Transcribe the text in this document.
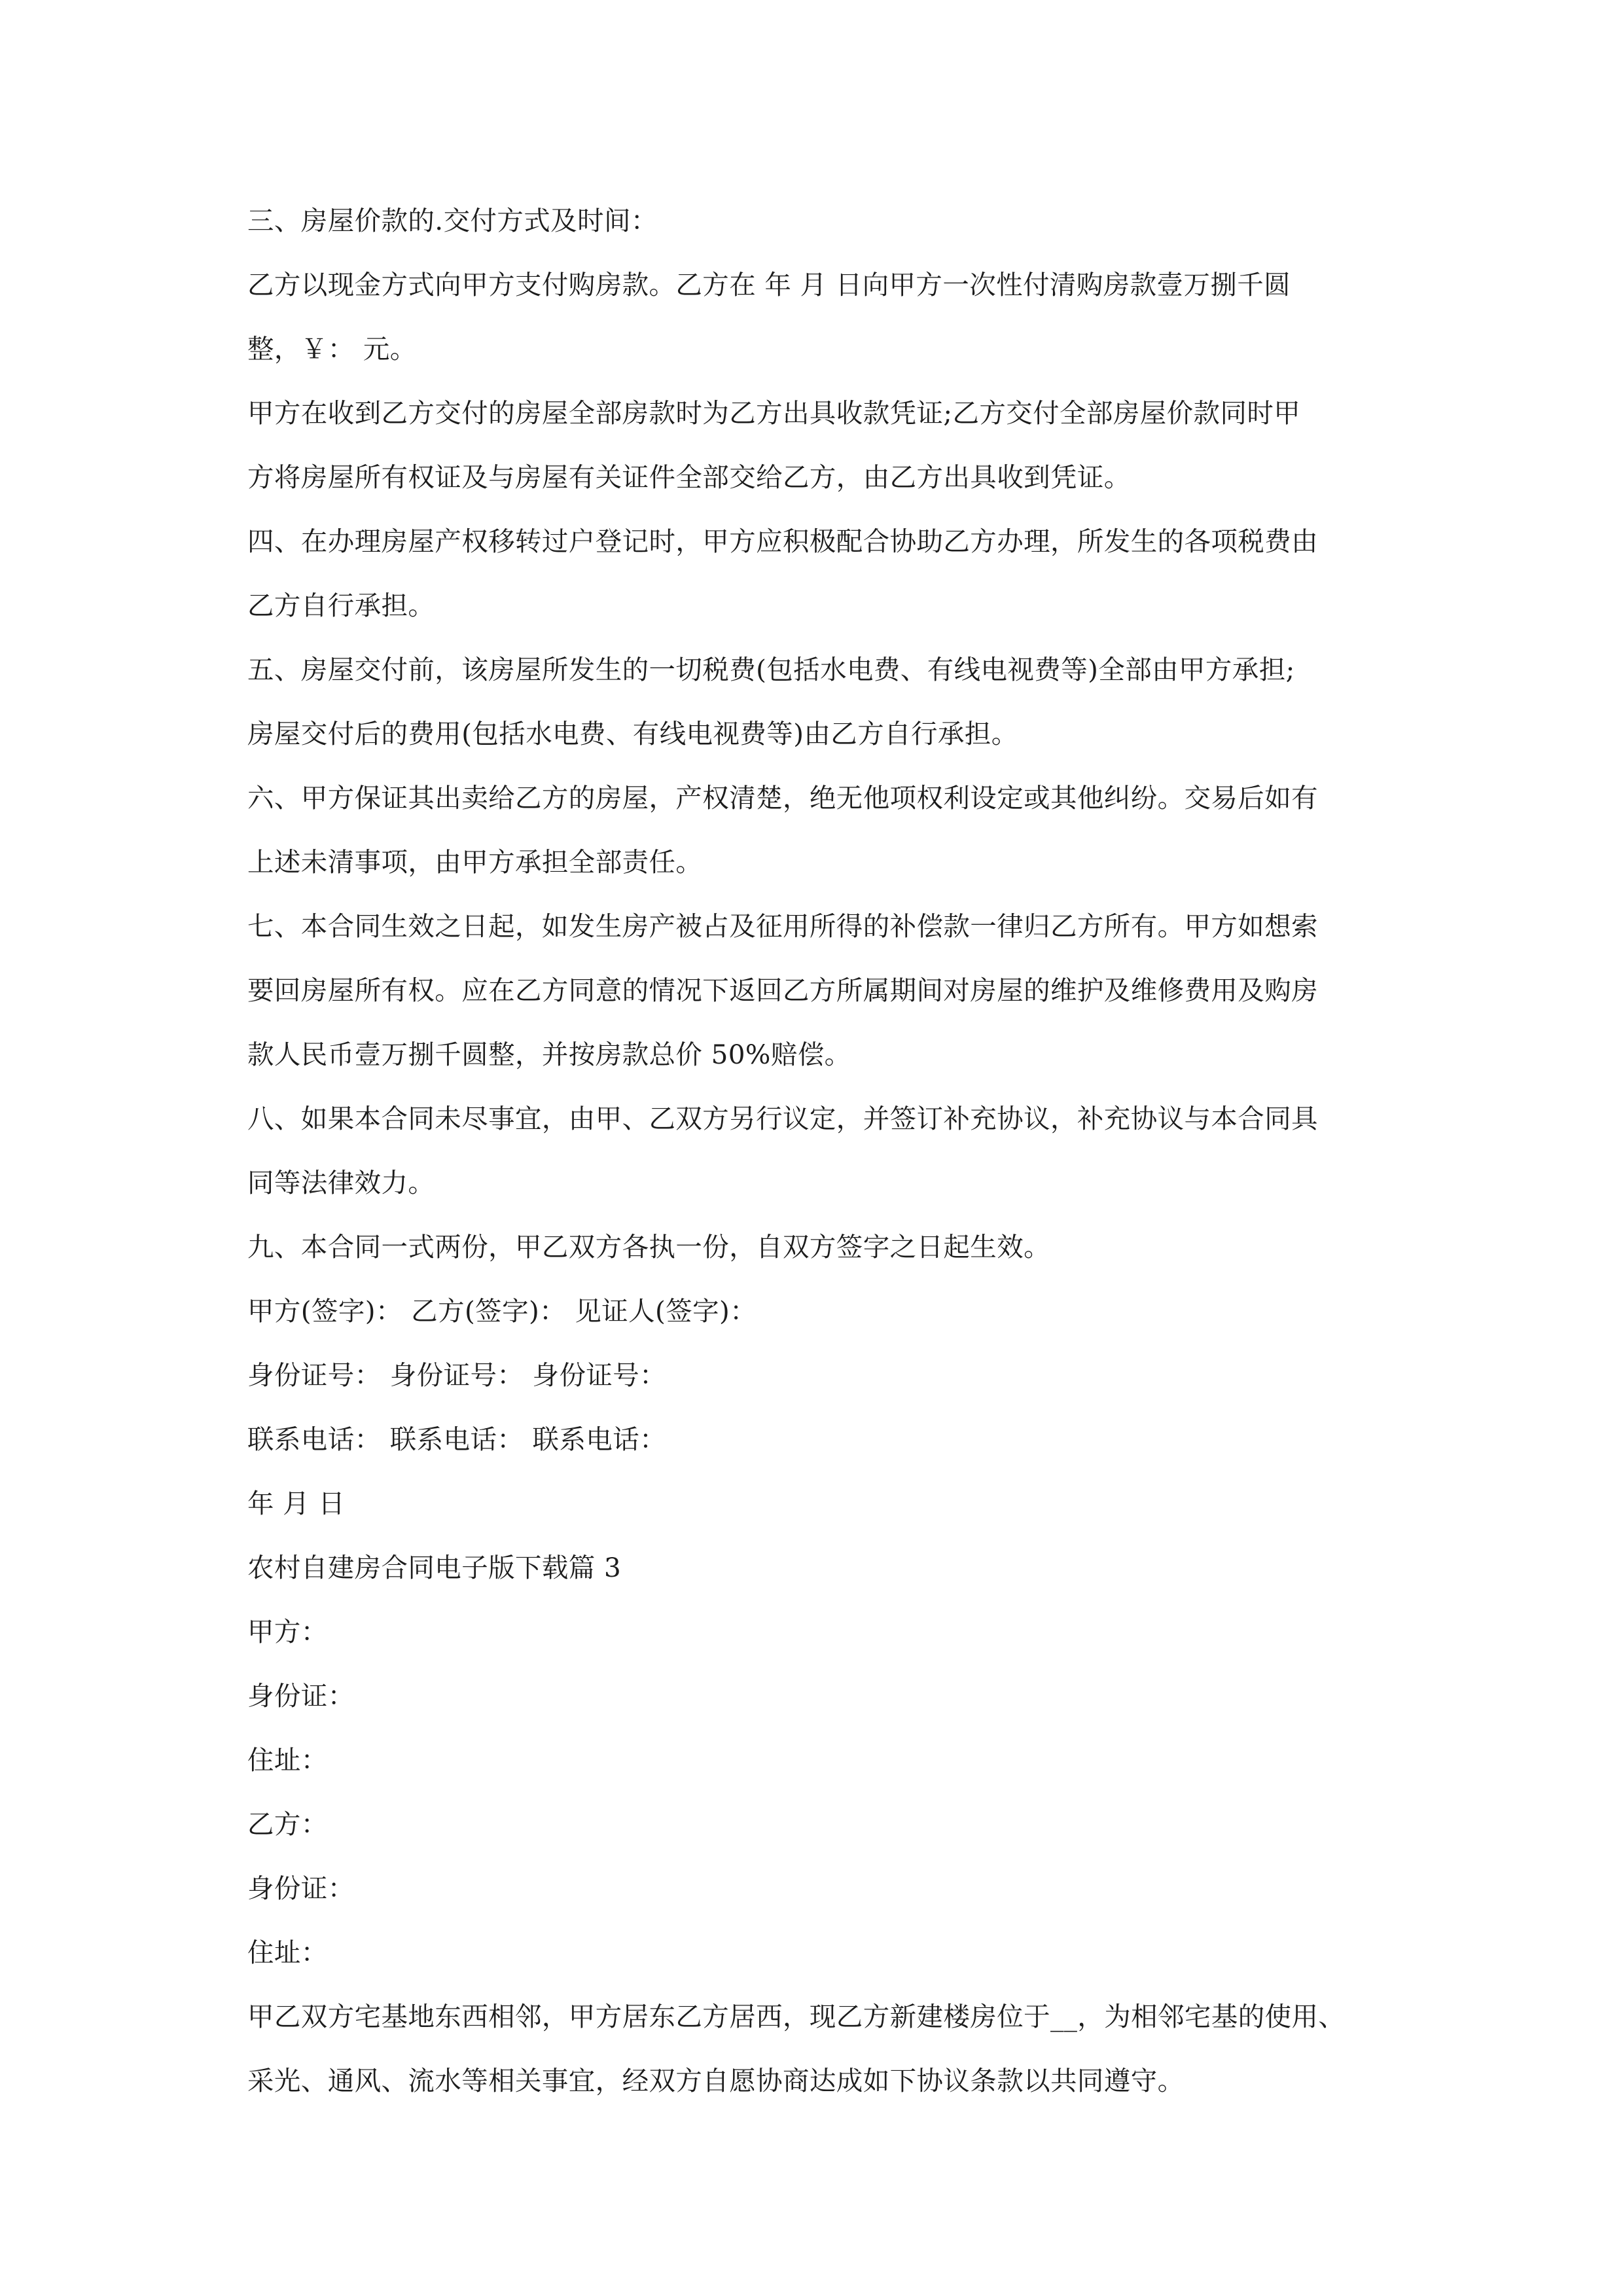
三、房屋价款的.交付方式及时间：
乙方以现金方式向甲方支付购房款。乙方在 年 月 日向甲方一次性付清购房款壹万捌千圆
整，￥： 元。
甲方在收到乙方交付的房屋全部房款时为乙方出具收款凭证;乙方交付全部房屋价款同时甲
方将房屋所有权证及与房屋有关证件全部交给乙方，由乙方出具收到凭证。
四、在办理房屋产权移转过户登记时，甲方应积极配合协助乙方办理，所发生的各项税费由
乙方自行承担。
五、房屋交付前，该房屋所发生的一切税费(包括水电费、有线电视费等)全部由甲方承担;
房屋交付后的费用(包括水电费、有线电视费等)由乙方自行承担。
六、甲方保证其出卖给乙方的房屋，产权清楚，绝无他项权利设定或其他纠纷。交易后如有
上述未清事项，由甲方承担全部责任。
七、本合同生效之日起，如发生房产被占及征用所得的补偿款一律归乙方所有。甲方如想索
要回房屋所有权。应在乙方同意的情况下返回乙方所属期间对房屋的维护及维修费用及购房
款人民币壹万捌千圆整，并按房款总价 50%赔偿。
八、如果本合同未尽事宜，由甲、乙双方另行议定，并签订补充协议，补充协议与本合同具
同等法律效力。
九、本合同一式两份，甲乙双方各执一份，自双方签字之日起生效。
甲方(签字)： 乙方(签字)： 见证人(签字)：
身份证号： 身份证号： 身份证号：
联系电话： 联系电话： 联系电话：
年 月 日
农村自建房合同电子版下载篇 3
甲方：
身份证：
住址：
乙方：
身份证：
住址：
甲乙双方宅基地东西相邻，甲方居东乙方居西，现乙方新建楼房位于__，为相邻宅基的使用、
采光、通风、流水等相关事宜，经双方自愿协商达成如下协议条款以共同遵守。
